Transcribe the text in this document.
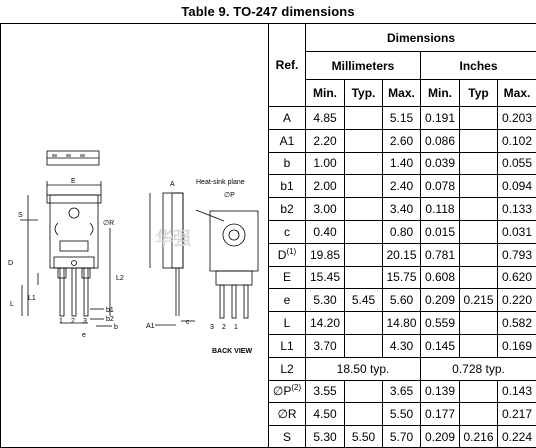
Table 9. TO-247 dimensions
华强
E
S
D
∅R
L2
L1
L
b1
b2
b
e
1 2 3
A
A1
c
Heat-sink plane
∅P
3 2 1
BACK VIEW
Ref.	Dimensions					
	Millimeters			Inches		
	Min.	Typ.	Max.	Min.	Typ	Max.
A	4.85		5.15	0.191		0.203
A1	2.20		2.60	0.086		0.102
b	1.00		1.40	0.039		0.055
b1	2.00		2.40	0.078		0.094
b2	3.00		3.40	0.118		0.133
c	0.40		0.80	0.015		0.031
$D^{(1)}$	19.85		20.15	0.781		0.793
E	15.45		15.75	0.608		0.620
e	5.30	5.45	5.60	0.209	0.215	0.220
L	14.20		14.80	0.559		0.582
L1	3.70		4.30	0.145		0.169
L2	18.50 typ.			0.728 typ.		
$\emptyset P^{(2)}$	3.55		3.65	0.139		0.143
∅R	4.50		5.50	0.177		0.217
S	5.30	5.50	5.70	0.209	0.216	0.224
